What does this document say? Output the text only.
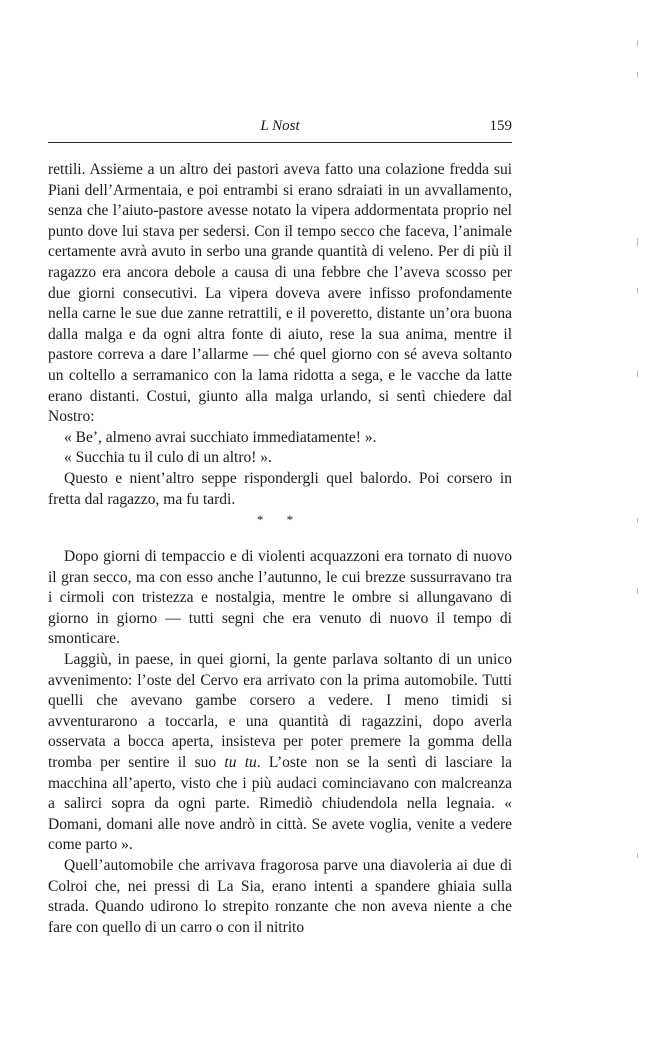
L Nost	159

rettili. Assieme a un altro dei pastori aveva fatto una colazione fredda sui Piani dell’Armentaia, e poi entrambi si erano sdraiati in un avvallamento, senza che l’aiuto-pastore avesse notato la vipera addormentata proprio nel punto dove lui stava per sedersi. Con il tempo secco che faceva, l’animale certamente avrà avuto in serbo una grande quantità di veleno. Per di più il ragazzo era ancora debole a causa di una febbre che l’aveva scosso per due giorni consecutivi. La vipera doveva avere infisso profondamente nella carne le sue due zanne retrattili, e il poveretto, distante un’ora buona dalla malga e da ogni altra fonte di aiuto, rese la sua anima, mentre il pastore correva a dare l’allarme — ché quel giorno con sé aveva soltanto un coltello a serramanico con la lama ridotta a sega, e le vacche da latte erano distanti. Costui, giunto alla malga urlando, si sentì chiedere dal Nostro:

« Be’, almeno avrai succhiato immediatamente! ».

« Succhia tu il culo di un altro! ».

Questo e nient’altro seppe rispondergli quel balordo. Poi corsero in fretta dal ragazzo, ma fu tardi.

* *

Dopo giorni di tempaccio e di violenti acquazzoni era tornato di nuovo il gran secco, ma con esso anche l’autunno, le cui brezze sussurravano tra i cirmoli con tristezza e nostalgia, mentre le ombre si allungavano di giorno in giorno — tutti segni che era venuto di nuovo il tempo di smonticare.

Laggiù, in paese, in quei giorni, la gente parlava soltanto di un unico avvenimento: l’oste del Cervo era arrivato con la prima automobile. Tutti quelli che avevano gambe corsero a vedere. I meno timidi si avventurarono a toccarla, e una quantità di ragazzini, dopo averla osservata a bocca aperta, insisteva per poter premere la gomma della tromba per sentire il suo tu tu. L’oste non se la sentì di lasciare la macchina all’aperto, visto che i più audaci cominciavano con malcreanza a salirci sopra da ogni parte. Rimediò chiudendola nella legnaia. « Domani, domani alle nove andrò in città. Se avete voglia, venite a vedere come parto ».

Quell’automobile che arrivava fragorosa parve una diavoleria ai due di Colroi che, nei pressi di La Sia, erano intenti a spandere ghiaia sulla strada. Quando udirono lo strepito ronzante che non aveva niente a che fare con quello di un carro o con il nitrito
